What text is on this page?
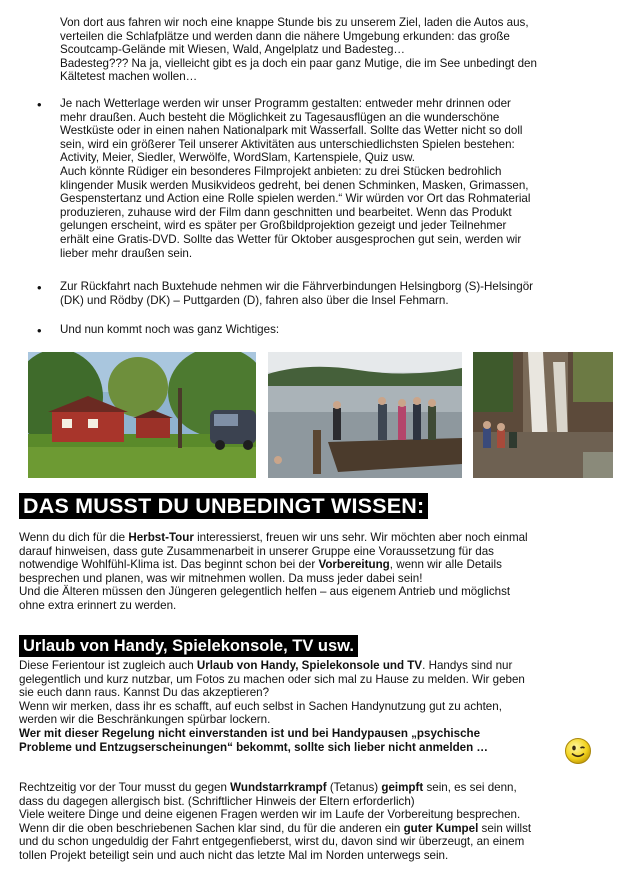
Von dort aus fahren wir noch eine knappe Stunde bis zu unserem Ziel, laden die Autos aus,
verteilen die Schlafplätze und werden dann die nähere Umgebung erkunden: das große
Scoutcamp-Gelände mit Wiesen, Wald, Angelplatz und Badesteg…
Badesteg??? Na ja, vielleicht gibt es ja doch ein paar ganz Mutige, die im See unbedingt den
Kältetest machen wollen…
• Je nach Wetterlage werden wir unser Programm gestalten: entweder mehr drinnen oder
mehr draußen. Auch besteht die Möglichkeit zu Tagesausflügen an die wunderschöne
Westküste oder in einen nahen Nationalpark mit Wasserfall. Sollte das Wetter nicht so doll
sein, wird ein größerer Teil unserer Aktivitäten aus unterschiedlichsten Spielen bestehen:
Activity, Meier, Siedler, Werwölfe, WordSlam, Kartenspiele, Quiz usw.
Auch könnte Rüdiger ein besonderes Filmprojekt anbieten: zu drei Stücken bedrohlich
klingender Musik werden Musikvideos gedreht, bei denen Schminken, Masken, Grimassen,
Gespenstertanz und Action eine Rolle spielen werden.“ Wir würden vor Ort das Rohmaterial
produzieren, zuhause wird der Film dann geschnitten und bearbeitet. Wenn das Produkt
gelungen erscheint, wird es später per Großbildprojektion gezeigt und jeder Teilnehmer
erhält eine Gratis-DVD. Sollte das Wetter für Oktober ausgesprochen gut sein, werden wir
lieber mehr draußen sein.
• Zur Rückfahrt nach Buxtehude nehmen wir die Fährverbindungen Helsingborg (S)-Helsingör
(DK) und Rödby (DK) – Puttgarden (D), fahren also über die Insel Fehmarn.
• Und nun kommt noch was ganz Wichtiges:
DAS MUSST DU UNBEDINGT WISSEN:
Wenn du dich für die Herbst-Tour interessierst, freuen wir uns sehr. Wir möchten aber noch einmal
darauf hinweisen, dass gute Zusammenarbeit in unserer Gruppe eine Voraussetzung für das
notwendige Wohlfühl-Klima ist. Das beginnt schon bei der Vorbereitung, wenn wir alle Details
besprechen und planen, was wir mitnehmen wollen. Da muss jeder dabei sein!
Und die Älteren müssen den Jüngeren gelegentlich helfen – aus eigenem Antrieb und möglichst
ohne extra erinnert zu werden.
Urlaub von Handy, Spielekonsole, TV usw.
Diese Ferientour ist zugleich auch Urlaub von Handy, Spielekonsole und TV. Handys sind nur
gelegentlich und kurz nutzbar, um Fotos zu machen oder sich mal zu Hause zu melden. Wir geben
sie euch dann raus. Kannst Du das akzeptieren?
Wenn wir merken, dass ihr es schafft, auf euch selbst in Sachen Handynutzung gut zu achten,
werden wir die Beschränkungen spürbar lockern.
Wer mit dieser Regelung nicht einverstanden ist und bei Handypausen „psychische
Probleme und Entzugserscheinungen“ bekommt, sollte sich lieber nicht anmelden …
Rechtzeitig vor der Tour musst du gegen Wundstarrkrampf (Tetanus) geimpft sein, es sei denn,
dass du dagegen allergisch bist. (Schriftlicher Hinweis der Eltern erforderlich)
Viele weitere Dinge und deine eigenen Fragen werden wir im Laufe der Vorbereitung besprechen.
Wenn dir die oben beschriebenen Sachen klar sind, du für die anderen ein guter Kumpel sein willst
und du schon ungeduldig der Fahrt entgegenfieberst, wirst du, davon sind wir überzeugt, an einem
tollen Projekt beteiligt sein und auch nicht das letzte Mal im Norden unterwegs sein.
